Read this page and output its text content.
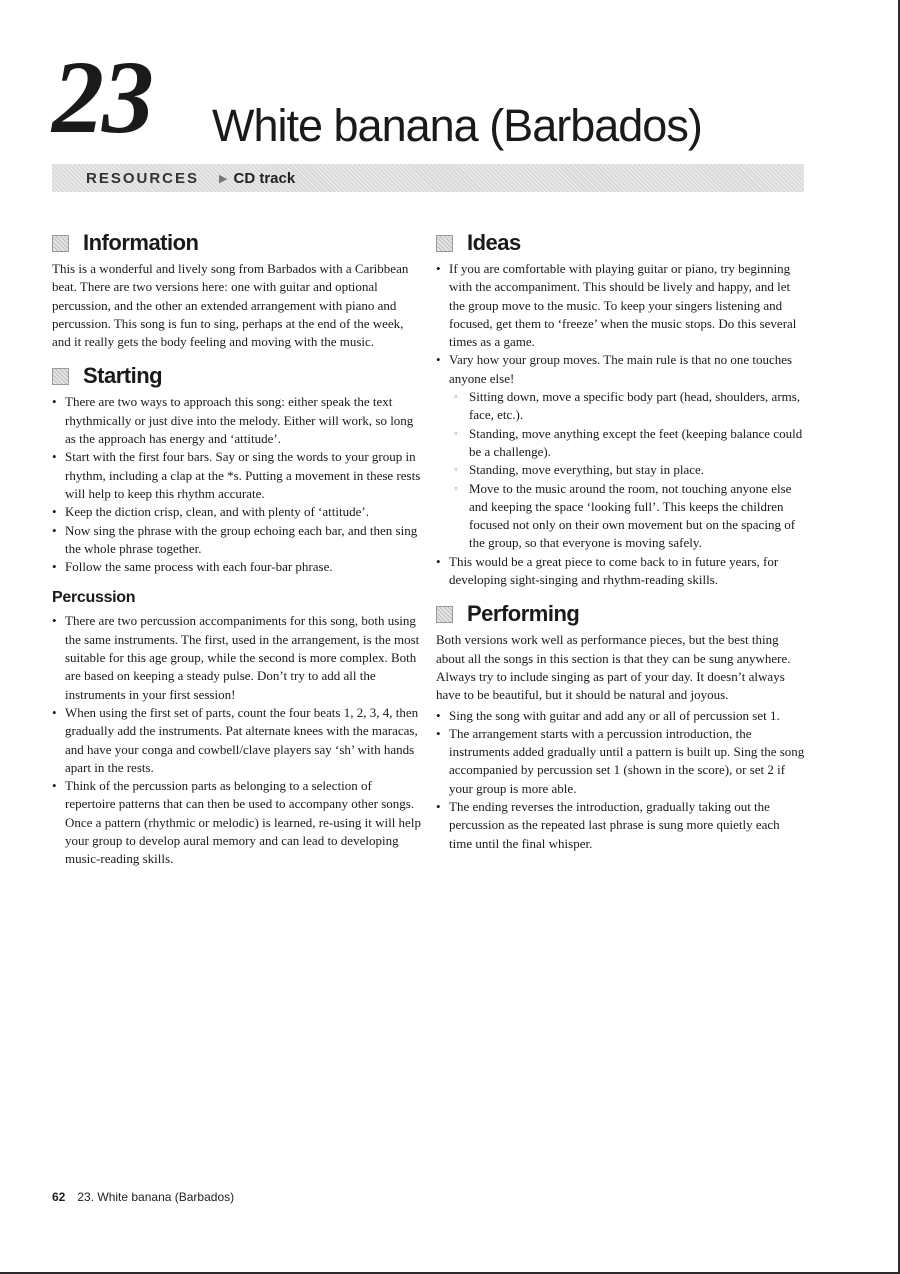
23 White banana (Barbados)
RESOURCES ▶ CD track
Information

This is a wonderful and lively song from Barbados with a Caribbean beat. There are two versions here: one with guitar and optional percussion, and the other an extended arrangement with piano and percussion. This song is fun to sing, perhaps at the end of the week, and it really gets the body feeling and moving with the music.

Starting
• There are two ways to approach this song: either speak the text rhythmically or just dive into the melody. Either will work, so long as the approach has energy and ‘attitude’.
• Start with the first four bars. Say or sing the words to your group in rhythm, including a clap at the *s. Putting a movement in these rests will help to keep this rhythm accurate.
• Keep the diction crisp, clean, and with plenty of ‘attitude’.
• Now sing the phrase with the group echoing each bar, and then sing the whole phrase together.
• Follow the same process with each four-bar phrase.
Percussion
• There are two percussion accompaniments for this song, both using the same instruments. The first, used in the arrangement, is the most suitable for this age group, while the second is more complex. Both are based on keeping a steady pulse. Don’t try to add all the instruments in your first session!
• When using the first set of parts, count the four beats 1, 2, 3, 4, then gradually add the instruments. Pat alternate knees with the maracas, and have your conga and cowbell/clave players say ‘sh’ with hands apart in the rests.
• Think of the percussion parts as belonging to a selection of repertoire patterns that can then be used to accompany other songs. Once a pattern (rhythmic or melodic) is learned, re-using it will help your group to develop aural memory and can lead to developing music-reading skills.
Ideas
• If you are comfortable with playing guitar or piano, try beginning with the accompaniment. This should be lively and happy, and let the group move to the music. To keep your singers listening and focused, get them to ‘freeze’ when the music stops. Do this several times as a game.
• Vary how your group moves. The main rule is that no one touches anyone else!
◦ Sitting down, move a specific body part (head, shoulders, arms, face, etc.).
◦ Standing, move anything except the feet (keeping balance could be a challenge).
◦ Standing, move everything, but stay in place.
◦ Move to the music around the room, not touching anyone else and keeping the space ‘looking full’. This keeps the children focused not only on their own movement but on the spacing of the group, so that everyone is moving safely.
• This would be a great piece to come back to in future years, for developing sight-singing and rhythm-reading skills.
Performing

Both versions work well as performance pieces, but the best thing about all the songs in this section is that they can be sung anywhere. Always try to include singing as part of your day. It doesn’t always have to be beautiful, but it should be natural and joyous.

• Sing the song with guitar and add any or all of percussion set 1.
• The arrangement starts with a percussion introduction, the instruments added gradually until a pattern is built up. Sing the song accompanied by percussion set 1 (shown in the score), or set 2 if your group is more able.
• The ending reverses the introduction, gradually taking out the percussion as the repeated last phrase is sung more quietly each time until the final whisper.
62 23. White banana (Barbados)
